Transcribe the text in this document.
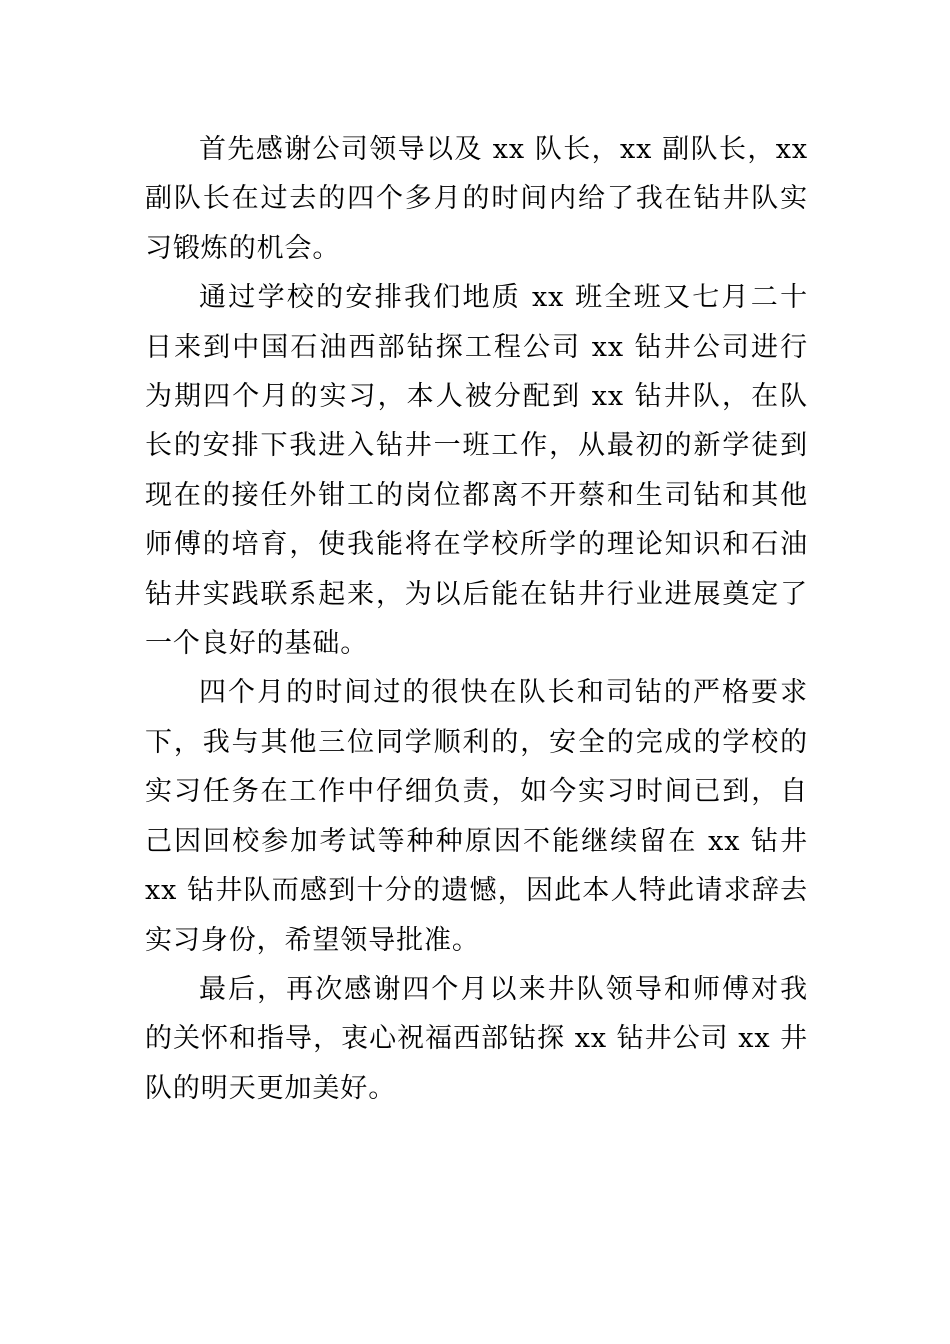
首先感谢公司领导以及 xx 队长，xx 副队长，xx 副队长在过去的四个多月的时间内给了我在钻井队实习锻炼的机会。

通过学校的安排我们地质 xx 班全班又七月二十日来到中国石油西部钻探工程公司 xx 钻井公司进行为期四个月的实习，本人被分配到 xx 钻井队，在队长的安排下我进入钻井一班工作，从最初的新学徒到现在的接任外钳工的岗位都离不开蔡和生司钻和其他师傅的培育，使我能将在学校所学的理论知识和石油钻井实践联系起来，为以后能在钻井行业进展奠定了一个良好的基础。

四个月的时间过的很快在队长和司钻的严格要求下，我与其他三位同学顺利的，安全的完成的学校的实习任务在工作中仔细负责，如今实习时间已到，自己因回校参加考试等种种原因不能继续留在 xx 钻井 xx 钻井队而感到十分的遗憾，因此本人特此请求辞去实习身份，希望领导批准。

最后，再次感谢四个月以来井队领导和师傅对我的关怀和指导，衷心祝福西部钻探 xx 钻井公司 xx 井队的明天更加美好。
